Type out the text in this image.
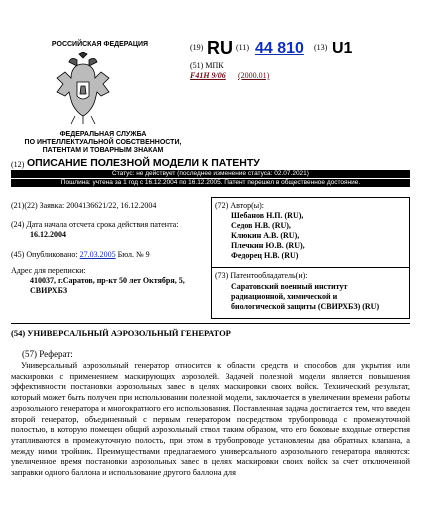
РОССИЙСКАЯ ФЕДЕРАЦИЯ
ФЕДЕРАЛЬНАЯ СЛУЖБА
ПО ИНТЕЛЛЕКТУАЛЬНОЙ СОБСТВЕННОСТИ,
ПАТЕНТАМ И ТОВАРНЫМ ЗНАКАМ
(19) RU (11) 44 810 (13) U1
(51) МПК
F41H 9/06 (2000.01)
(12) ОПИСАНИЕ ПОЛЕЗНОЙ МОДЕЛИ К ПАТЕНТУ
Статус: не действует (последнее изменение статуса: 02.07.2021)
Пошлина: учтена за 1 год с 16.12.2004 по 16.12.2005. Патент перешел в общественное достояние.
(21)(22) Заявка: 2004136621/22, 16.12.2004
(24) Дата начала отсчета срока действия патента:
16.12.2004
(45) Опубликовано: 27.03.2005 Бюл. № 9
Адрес для переписки:
410037, г.Саратов, пр-кт 50 лет Октября, 5,
СВИРХБЗ
(72) Автор(ы):
Шебанов Н.П. (RU),
Седов Н.В. (RU),
Клюкин А.В. (RU),
Плечкин Ю.В. (RU),
Федорец Н.В. (RU)
(73) Патентообладатель(и):
Саратовский военный институт
радиационной, химической и
биологической защиты (СВИРХБЗ) (RU)
(54) УНИВЕРСАЛЬНЫЙ АЭРОЗОЛЬНЫЙ ГЕНЕРАТОР
(57) Реферат:
Универсальный аэрозольный генератор относится к области средств и способов для укрытия или маскировки с применением маскирующих аэрозолей. Задачей полезной модели является повышения эффективности постановки аэрозольных завес в целях маскировки своих войск. Технический результат, который может быть получен при использовании полезной модели, заключается в увеличении времени работы аэрозольного генератора и многократного его использования. Поставленная задача достигается тем, что введен второй генератор, объединенный с первым генератором посредством трубопровода с промежуточной полостью, в которую помещен общий аэрозольный ствол таким образом, что его боковые входные отверстия утапливаются в промежуточную полость, при этом в трубопроводе установлены два обратных клапана, а между ними тройник. Преимуществами предлагаемого универсального аэрозольного генератора являются: увеличенное время постановки аэрозольных завес в целях маскировки своих войск за счет отключенной заправки одного баллона и использование другого баллона для
